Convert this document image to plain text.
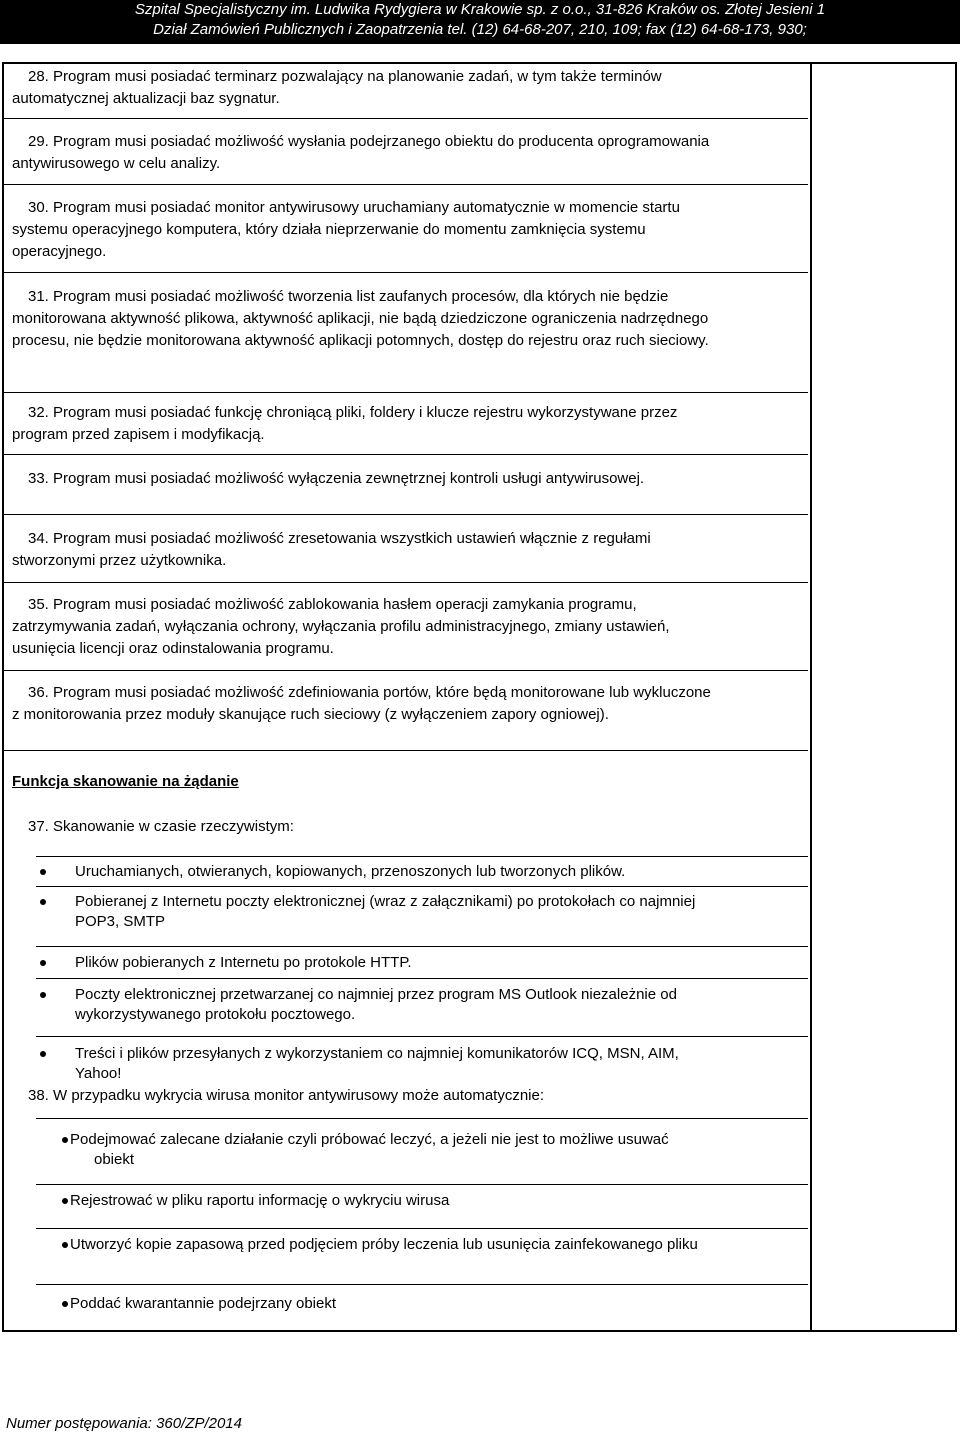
Szpital Specjalistyczny im. Ludwika Rydygiera w Krakowie sp. z o.o., 31-826 Kraków os. Złotej Jesieni 1
Dział Zamówień Publicznych i Zaopatrzenia tel. (12) 64-68-207, 210, 109; fax (12) 64-68-173, 930;
28. Program musi posiadać terminarz pozwalający na planowanie zadań, w tym także terminów
automatycznej aktualizacji baz sygnatur.
29. Program musi posiadać możliwość wysłania podejrzanego obiektu do producenta oprogramowania
antywirusowego w celu analizy.
30. Program musi posiadać monitor antywirusowy uruchamiany automatycznie w momencie startu
systemu operacyjnego komputera, który działa nieprzerwanie do momentu zamknięcia systemu
operacyjnego.
31. Program musi posiadać możliwość tworzenia list zaufanych procesów, dla których nie będzie
monitorowana aktywność plikowa, aktywność aplikacji, nie bądą dziedziczone ograniczenia nadrzędnego
procesu, nie będzie monitorowana aktywność aplikacji potomnych, dostęp do rejestru oraz ruch sieciowy.
32. Program musi posiadać funkcję chroniącą pliki, foldery i klucze rejestru wykorzystywane przez
program przed zapisem i modyfikacją.
33. Program musi posiadać możliwość wyłączenia zewnętrznej kontroli usługi antywirusowej.
34. Program musi posiadać możliwość zresetowania wszystkich ustawień włącznie z regułami
stworzonymi przez użytkownika.
35. Program musi posiadać możliwość zablokowania hasłem operacji zamykania programu,
zatrzymywania zadań, wyłączania ochrony, wyłączania profilu administracyjnego, zmiany ustawień,
usunięcia licencji oraz odinstalowania programu.
36. Program musi posiadać możliwość zdefiniowania portów, które będą monitorowane lub wykluczone
z monitorowania przez moduły skanujące ruch sieciowy (z wyłączeniem zapory ogniowej).
Funkcja skanowanie na żądanie
37. Skanowanie w czasie rzeczywistym:
Uruchamianych, otwieranych, kopiowanych, przenoszonych lub tworzonych plików.
Pobieranej z Internetu poczty elektronicznej (wraz z załącznikami) po protokołach co najmniej
POP3, SMTP
Plików pobieranych z Internetu po protokole HTTP.
Poczty elektronicznej przetwarzanej co najmniej przez program MS Outlook niezależnie od
wykorzystywanego protokołu pocztowego.
Treści i plików przesyłanych z wykorzystaniem co najmniej komunikatorów ICQ, MSN, AIM,
Yahoo!
38. W przypadku wykrycia wirusa monitor antywirusowy może automatycznie:
Podejmować zalecane działanie czyli próbować leczyć, a jeżeli nie jest to możliwe usuwać
obiekt
Rejestrować w pliku raportu informację o wykryciu wirusa
Utworzyć kopie zapasową przed podjęciem próby leczenia lub usunięcia zainfekowanego pliku
Poddać kwarantannie podejrzany obiekt
Numer postępowania: 360/ZP/2014
